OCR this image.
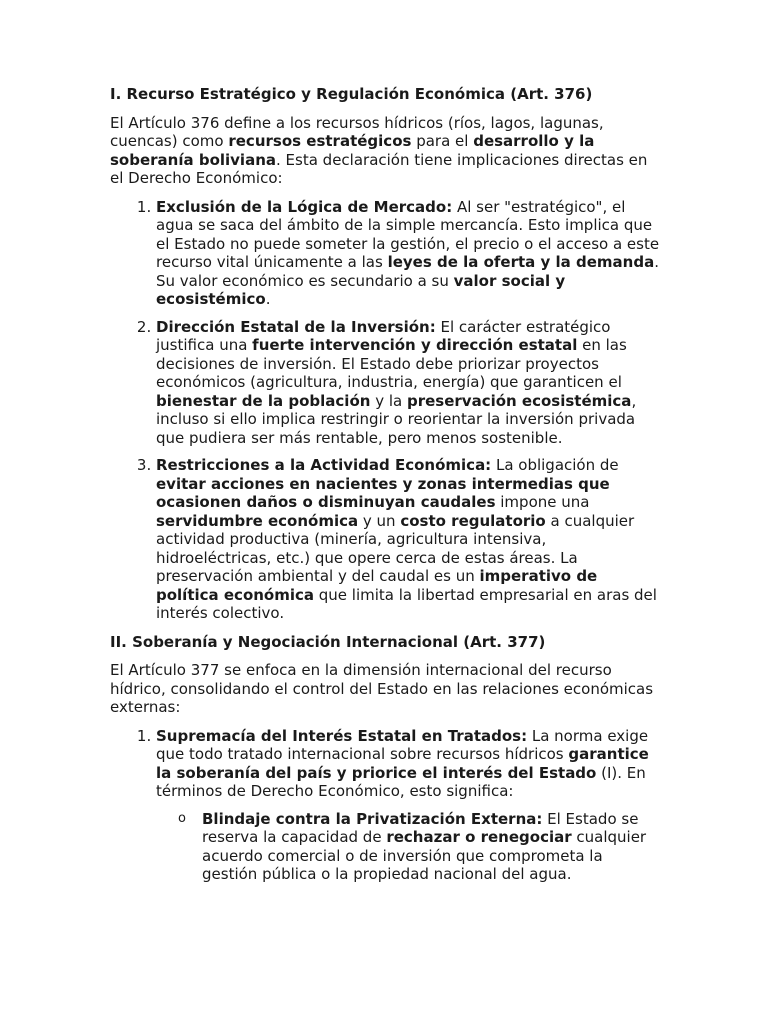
I. Recurso Estratégico y Regulación Económica (Art. 376)

El Artículo 376 define a los recursos hídricos (ríos, lagos, lagunas, cuencas) como recursos estratégicos para el desarrollo y la soberanía boliviana. Esta declaración tiene implicaciones directas en el Derecho Económico:

1. Exclusión de la Lógica de Mercado: Al ser "estratégico", el agua se saca del ámbito de la simple mercancía. Esto implica que el Estado no puede someter la gestión, el precio o el acceso a este recurso vital únicamente a las leyes de la oferta y la demanda. Su valor económico es secundario a su valor social y ecosistémico.
2. Dirección Estatal de la Inversión: El carácter estratégico justifica una fuerte intervención y dirección estatal en las decisiones de inversión. El Estado debe priorizar proyectos económicos (agricultura, industria, energía) que garanticen el bienestar de la población y la preservación ecosistémica, incluso si ello implica restringir o reorientar la inversión privada que pudiera ser más rentable, pero menos sostenible.
3. Restricciones a la Actividad Económica: La obligación de evitar acciones en nacientes y zonas intermedias que ocasionen daños o disminuyan caudales impone una servidumbre económica y un costo regulatorio a cualquier actividad productiva (minería, agricultura intensiva, hidroeléctricas, etc.) que opere cerca de estas áreas. La preservación ambiental y del caudal es un imperativo de política económica que limita la libertad empresarial en aras del interés colectivo.
II. Soberanía y Negociación Internacional (Art. 377)

El Artículo 377 se enfoca en la dimensión internacional del recurso hídrico, consolidando el control del Estado en las relaciones económicas externas:

1. Supremacía del Interés Estatal en Tratados: La norma exige que todo tratado internacional sobre recursos hídricos garantice la soberanía del país y priorice el interés del Estado (I). En términos de Derecho Económico, esto significa:
o Blindaje contra la Privatización Externa: El Estado se reserva la capacidad de rechazar o renegociar cualquier acuerdo comercial o de inversión que comprometa la gestión pública o la propiedad nacional del agua.
